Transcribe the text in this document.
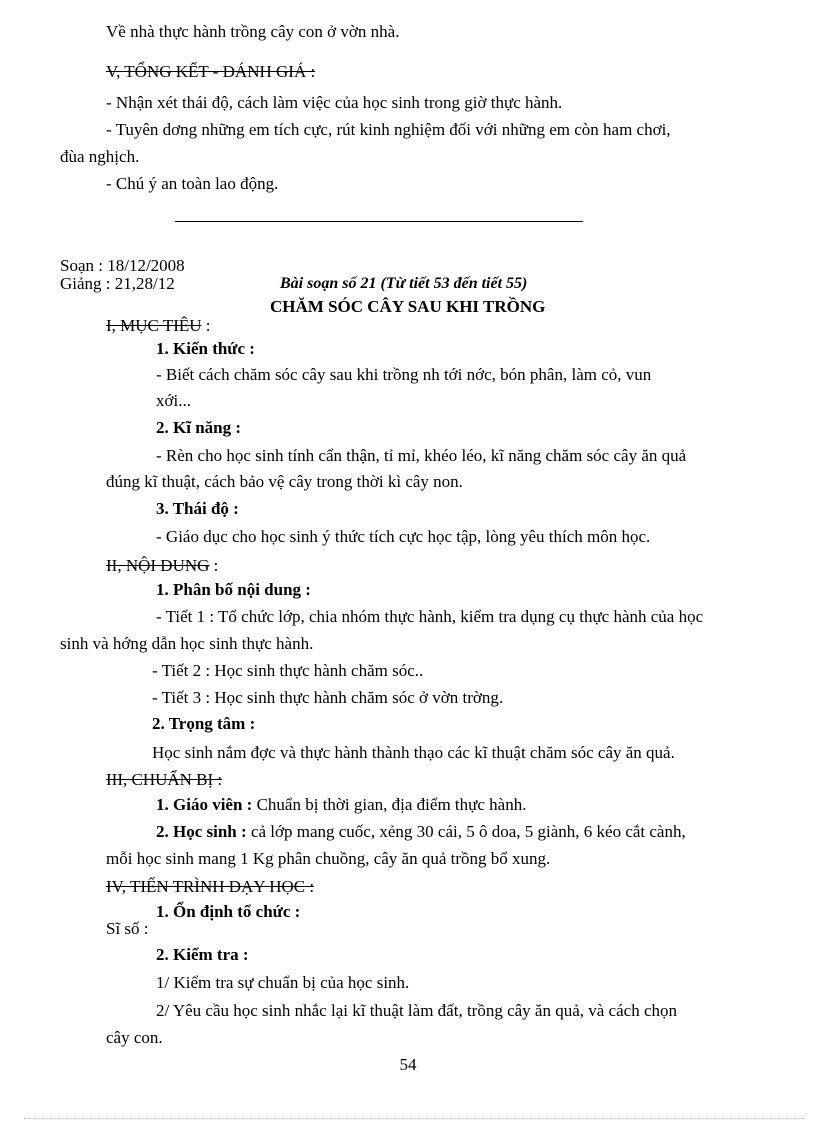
Về nhà thực hành trồng cây con ở vờn nhà.
V, TỔNG KẾT - ĐÁNH GIÁ :
- Nhận xét thái độ, cách làm việc của học sinh trong giờ thực hành.
- Tuyên dơng những em tích cực, rút kinh nghiệm đối với những em còn ham chơi,
đùa nghịch.
- Chú ý an toàn lao động.
Soạn : 18/12/2008
Giảng : 21,28/12	Bài soạn số 21 (Từ tiết 53 đến tiết 55)
CHĂM SÓC CÂY SAU KHI TRỒNG
I, MỤC TIÊU :
1. Kiến thức :
- Biết cách chăm sóc cây sau khi trồng nh tới nớc, bón phân, làm cỏ, vun
xới...
2. Kĩ năng :
- Rèn cho học sinh tính cẩn thận, tỉ mỉ, khéo léo, kĩ năng chăm sóc cây ăn quả
đúng kĩ thuật, cách bảo vệ cây trong thời kì cây non.
3. Thái độ :
- Giáo dục cho học sinh ý thức tích cực học tập, lòng yêu thích môn học.
II, NỘI DUNG :
1. Phân bố nội dung :
- Tiết 1 : Tổ chức lớp, chia nhóm thực hành, kiểm tra dụng cụ thực hành của học
sinh và hớng dẫn học sinh thực hành.
- Tiết 2 : Học sinh thực hành chăm sóc..
- Tiết 3 : Học sinh thực hành chăm sóc ở vờn trờng.
2. Trọng tâm :
Học sinh nắm đợc và thực hành thành thạo các kĩ thuật chăm sóc cây ăn quả.
III, CHUẨN BỊ :
1. Giáo viên : Chuẩn bị thời gian, địa điểm thực hành.
2. Học sinh : cả lớp mang cuốc, xẻng 30 cái, 5 ô doa, 5 giành, 6 kéo cắt cành,
mỗi học sinh mang 1 Kg phân chuồng, cây ăn quả trồng bổ xung.
IV, TIẾN TRÌNH DẠY HỌC :
1. Ổn định tổ chức :
Sĩ số :
2. Kiểm tra :
1/ Kiểm tra sự chuẩn bị của học sinh.
2/ Yêu cầu học sinh nhắc lại kĩ thuật làm đất, trồng cây ăn quả, và cách chọn
cây con.
54
